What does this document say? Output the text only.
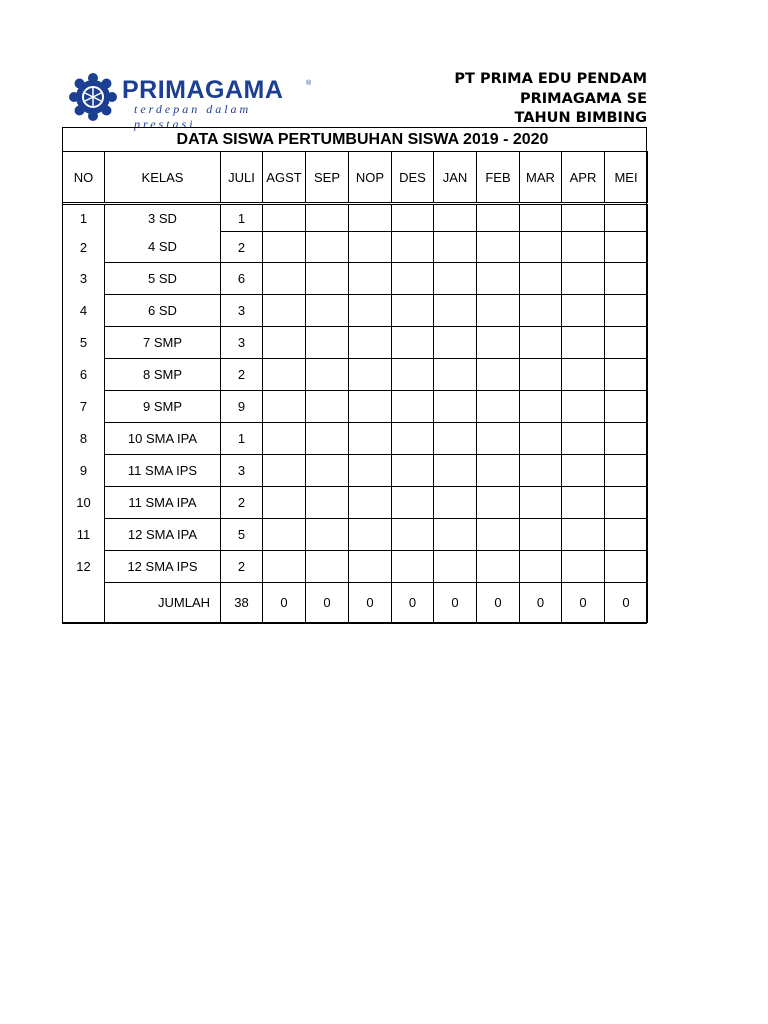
PRIMAGAMA	®
terdepan dalam prestasi
PT PRIMA EDU PENDAM
PRIMAGAMA SE
TAHUN BIMBING
DATA SISWA PERTUMBUHAN SISWA 2019 - 2020
NO	KELAS	JULI	AGST	SEP	NOP	DES	JAN	FEB	MAR	APR	MEI
1	3 SD	1									
2	4 SD	2									
3	5 SD	6									
4	6 SD	3									
5	7 SMP	3									
6	8 SMP	2									
7	9 SMP	9									
8	10 SMA IPA	1									
9	11 SMA IPS	3									
10	11 SMA IPA	2									
11	12 SMA IPA	5									
12	12 SMA IPS	2									
	JUMLAH	38	0	0	0	0	0	0	0	0	0
